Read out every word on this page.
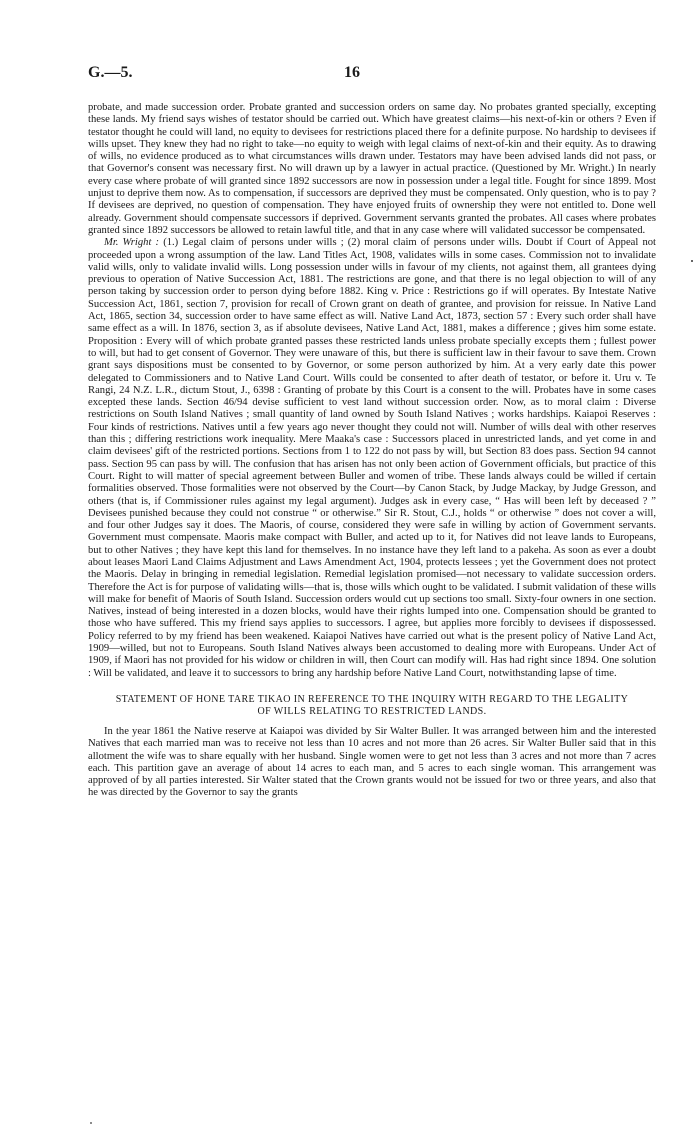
G.—5.	16

probate, and made succession order. Probate granted and succession orders on same day. No probates granted specially, excepting these lands. My friend says wishes of testator should be carried out. Which have greatest claims—his next-of-kin or others ? Even if testator thought he could will land, no equity to devisees for restrictions placed there for a definite purpose. No hardship to devisees if wills upset. They knew they had no right to take—no equity to weigh with legal claims of next-of-kin and their equity. As to drawing of wills, no evidence produced as to what circumstances wills drawn under. Testators may have been advised lands did not pass, or that Governor's consent was necessary first. No will drawn up by a lawyer in actual practice. (Questioned by Mr. Wright.) In nearly every case where probate of will granted since 1892 successors are now in possession under a legal title. Fought for since 1899. Most unjust to deprive them now. As to compensation, if successors are deprived they must be compensated. Only question, who is to pay ? If devisees are deprived, no question of compensation. They have enjoyed fruits of ownership they were not entitled to. Done well already. Government should compensate successors if deprived. Government servants granted the probates. All cases where probates granted since 1892 successors be allowed to retain lawful title, and that in any case where will validated successor be compensated.

Mr. Wright : (1.) Legal claim of persons under wills ; (2) moral claim of persons under wills. Doubt if Court of Appeal not proceeded upon a wrong assumption of the law. Land Titles Act, 1908, validates wills in some cases. Commission not to invalidate valid wills, only to validate invalid wills. Long possession under wills in favour of my clients, not against them, all grantees dying previous to operation of Native Succession Act, 1881. The restrictions are gone, and that there is no legal objection to will of any person taking by succession order to person dying before 1882. King v. Price : Restrictions go if will operates. By Intestate Native Succession Act, 1861, section 7, provision for recall of Crown grant on death of grantee, and provision for reissue. In Native Land Act, 1865, section 34, succession order to have same effect as will. Native Land Act, 1873, section 57 : Every such order shall have same effect as a will. In 1876, section 3, as if absolute devisees, Native Land Act, 1881, makes a difference ; gives him some estate. Proposition : Every will of which probate granted passes these restricted lands unless probate specially excepts them ; fullest power to will, but had to get consent of Governor. They were unaware of this, but there is sufficient law in their favour to save them. Crown grant says dispositions must be consented to by Governor, or some person authorized by him. At a very early date this power delegated to Commissioners and to Native Land Court. Wills could be consented to after death of testator, or before it. Uru v. Te Rangi, 24 N.Z. L.R., dictum Stout, J., 6398 : Granting of probate by this Court is a consent to the will. Probates have in some cases excepted these lands. Section 46/94 devise sufficient to vest land without succession order. Now, as to moral claim : Diverse restrictions on South Island Natives ; small quantity of land owned by South Island Natives ; works hardships. Kaiapoi Reserves : Four kinds of restrictions. Natives until a few years ago never thought they could not will. Number of wills deal with other reserves than this ; differing restrictions work inequality. Mere Maaka's case : Successors placed in unrestricted lands, and yet come in and claim devisees' gift of the restricted portions. Sections from 1 to 122 do not pass by will, but Section 83 does pass. Section 94 cannot pass. Section 95 can pass by will. The confusion that has arisen has not only been action of Government officials, but practice of this Court. Right to will matter of special agreement between Buller and women of tribe. These lands always could be willed if certain formalities observed. Those formalities were not observed by the Court—by Canon Stack, by Judge Mackay, by Judge Gresson, and others (that is, if Commissioner rules against my legal argument). Judges ask in every case, “ Has will been left by deceased ? ” Devisees punished because they could not construe “ or otherwise.” Sir R. Stout, C.J., holds “ or otherwise ” does not cover a will, and four other Judges say it does. The Maoris, of course, considered they were safe in willing by action of Government servants. Government must compensate. Maoris make compact with Buller, and acted up to it, for Natives did not leave lands to Europeans, but to other Natives ; they have kept this land for themselves. In no instance have they left land to a pakeha. As soon as ever a doubt about leases Maori Land Claims Adjustment and Laws Amendment Act, 1904, protects lessees ; yet the Government does not protect the Maoris. Delay in bringing in remedial legislation. Remedial legislation promised—not necessary to validate succession orders. Therefore the Act is for purpose of validating wills—that is, those wills which ought to be validated. I submit validation of these wills will make for benefit of Maoris of South Island. Succession orders would cut up sections too small. Sixty-four owners in one section. Natives, instead of being interested in a dozen blocks, would have their rights lumped into one. Compensation should be granted to those who have suffered. This my friend says applies to successors. I agree, but applies more forcibly to devisees if dispossessed. Policy referred to by my friend has been weakened. Kaiapoi Natives have carried out what is the present policy of Native Land Act, 1909—willed, but not to Europeans. South Island Natives always been accustomed to dealing more with Europeans. Under Act of 1909, if Maori has not provided for his widow or children in will, then Court can modify will. Has had right since 1894. One solution : Will be validated, and leave it to successors to bring any hardship before Native Land Court, notwithstanding lapse of time.

STATEMENT OF HONE TARE TIKAO IN REFERENCE TO THE INQUIRY WITH REGARD TO THE LEGALITY
OF WILLS RELATING TO RESTRICTED LANDS.

In the year 1861 the Native reserve at Kaiapoi was divided by Sir Walter Buller. It was arranged between him and the interested Natives that each married man was to receive not less than 10 acres and not more than 26 acres. Sir Walter Buller said that in this allotment the wife was to share equally with her husband. Single women were to get not less than 3 acres and not more than 7 acres each. This partition gave an average of about 14 acres to each man, and 5 acres to each single woman. This arrangement was approved of by all parties interested. Sir Walter stated that the Crown grants would not be issued for two or three years, and also that he was directed by the Governor to say the grants
